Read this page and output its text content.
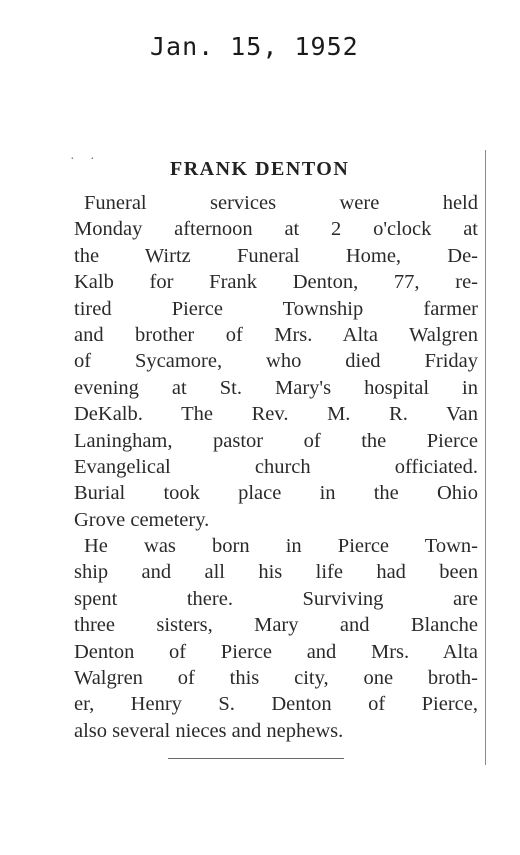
Jan. 15, 1952
· ·	FRANK DENTON
Funeral services were held
Monday afternoon at 2 o'clock at
the Wirtz Funeral Home, De-
Kalb for Frank Denton, 77, re-
tired Pierce Township farmer
and brother of Mrs. Alta Walgren
of Sycamore, who died Friday
evening at St. Mary's hospital in
DeKalb. The Rev. M. R. Van
Laningham, pastor of the Pierce
Evangelical church officiated.
Burial took place in the Ohio
Grove cemetery.
He was born in Pierce Town-
ship and all his life had been
spent there. Surviving are
three sisters, Mary and Blanche
Denton of Pierce and Mrs. Alta
Walgren of this city, one broth-
er, Henry S. Denton of Pierce,
also several nieces and nephews.
